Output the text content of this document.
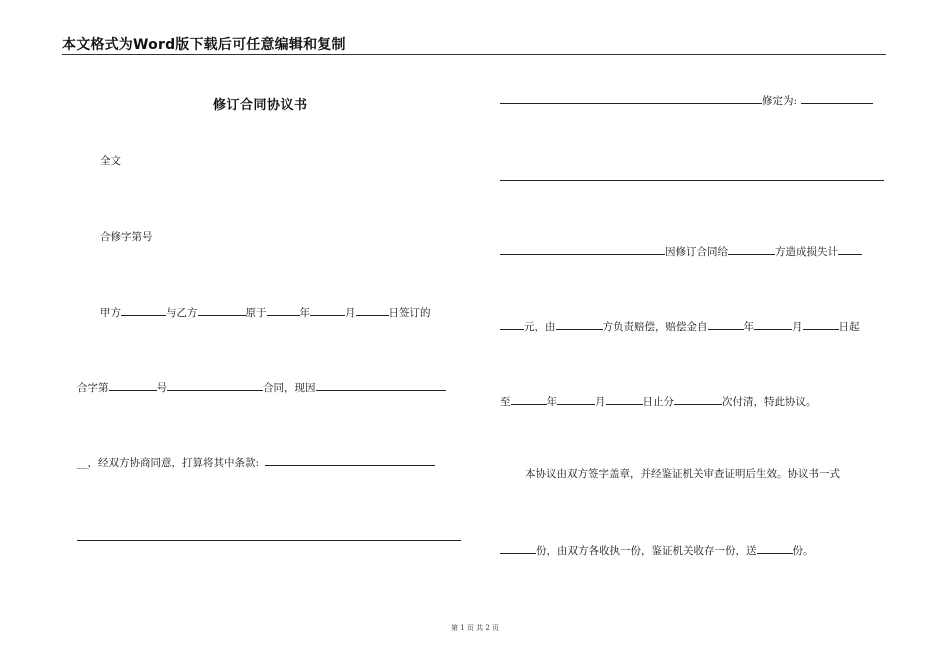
本文格式为Word版下载后可任意编辑和复制
修订合同协议书
全文
合修字第号
甲方	与乙方	原于	年	月	日签订的
合字第	号	合同，现因
__，经双方协商同意，打算将其中条款:
修定为:
因修订合同给	方造成损失计
元，由	方负责赔偿，赔偿金自	年	月	日起
至	年	月	日止分	次付清，特此协议。
本协议由双方签字盖章，并经鉴证机关审查证明后生效。协议书一式
份，由双方各收执一份，鉴证机关收存一份，送	份。
第 1 页 共 2 页
